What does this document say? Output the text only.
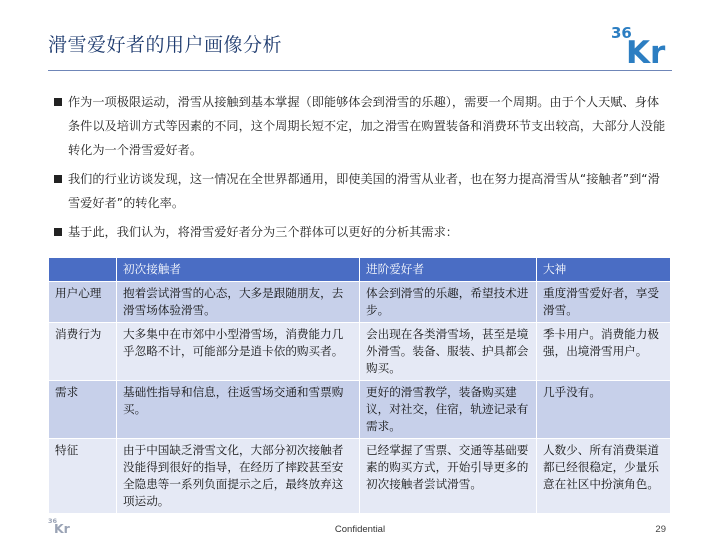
滑雪爱好者的用户画像分析
36
Kr
作为一项极限运动，滑雪从接触到基本掌握（即能够体会到滑雪的乐趣），需要一个周期。由于个人天赋、身体条件以及培训方式等因素的不同，这个周期长短不定，加之滑雪在购置装备和消费环节支出较高，大部分人没能转化为一个滑雪爱好者。
我们的行业访谈发现，这一情况在全世界都通用，即使美国的滑雪从业者，也在努力提高滑雪从“接触者”到“滑雪爱好者”的转化率。
基于此，我们认为，将滑雪爱好者分为三个群体可以更好的分析其需求：
	初次接触者	进阶爱好者	大神
用户心理	抱着尝试滑雪的心态，大多是跟随朋友，去滑雪场体验滑雪。	体会到滑雪的乐趣，希望技术进步。	重度滑雪爱好者，享受滑雪。
消费行为	大多集中在市郊中小型滑雪场，消费能力几乎忽略不计，可能部分是逍卡依的购买者。	会出现在各类滑雪场，甚至是境外滑雪。装备、服装、护具都会购买。	季卡用户。消费能力极强，出境滑雪用户。
需求	基础性指导和信息，往返雪场交通和雪票购买。	更好的滑雪教学，装备购买建议，对社交，住宿，轨迹记录有需求。	几乎没有。
特征	由于中国缺乏滑雪文化，大部分初次接触者没能得到很好的指导，在经历了摔跤甚至安全隐患等一系列负面提示之后，最终放弃这项运动。	已经掌握了雪票、交通等基础要素的购买方式，开始引导更多的初次接触者尝试滑雪。	人数少、所有消费渠道都已经很稳定，少量乐意在社区中扮演角色。
36
Kr	Confidential	29
